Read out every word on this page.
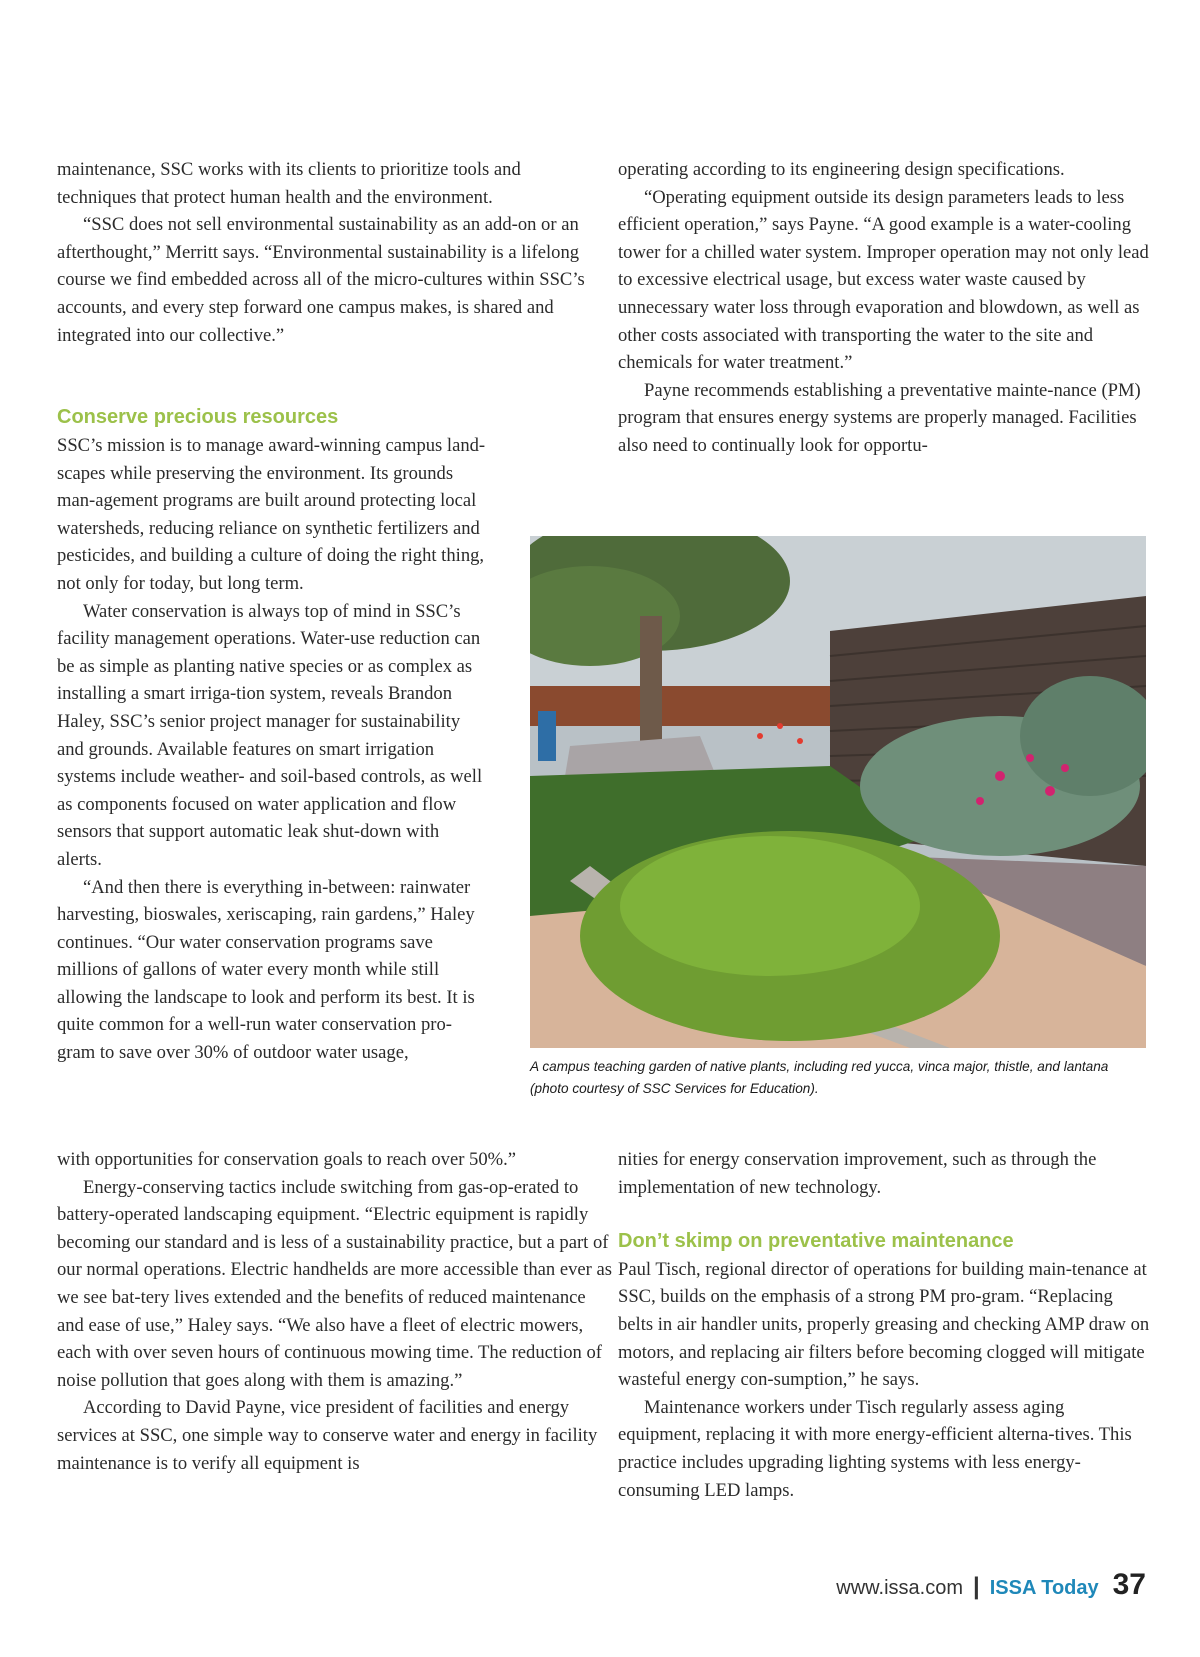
maintenance, SSC works with its clients to prioritize tools and techniques that protect human health and the environment.

“SSC does not sell environmental sustainability as an add-on or an afterthought,” Merritt says. “Environmental sustainability is a lifelong course we find embedded across all of the micro-cultures within SSC’s accounts, and every step forward one campus makes, is shared and integrated into our collective.”

Conserve precious resources

SSC’s mission is to manage award-winning campus land-scapes while preserving the environment. Its grounds man-agement programs are built around protecting local watersheds, reducing reliance on synthetic fertilizers and pesticides, and building a culture of doing the right thing, not only for today, but long term.

Water conservation is always top of mind in SSC’s facility management operations. Water-use reduction can be as simple as planting native species or as complex as installing a smart irriga-tion system, reveals Brandon Haley, SSC’s senior project manager for sustainability and grounds. Available features on smart irrigation systems include weather- and soil-based controls, as well as components focused on water application and flow sensors that support automatic leak shut-down with alerts.

“And then there is everything in-between: rainwater harvesting, bioswales, xeriscaping, rain gardens,” Haley continues. “Our water conservation programs save millions of gallons of water every month while still allowing the landscape to look and perform its best. It is quite common for a well-run water conservation pro-gram to save over 30% of outdoor water usage,

with opportunities for conservation goals to reach over 50%.”

Energy-conserving tactics include switching from gas-op-erated to battery-operated landscaping equipment. “Electric equipment is rapidly becoming our standard and is less of a sustainability practice, but a part of our normal operations. Electric handhelds are more accessible than ever as we see bat-tery lives extended and the benefits of reduced maintenance and ease of use,” Haley says. “We also have a fleet of electric mowers, each with over seven hours of continuous mowing time. The reduction of noise pollution that goes along with them is amazing.”

According to David Payne, vice president of facilities and energy services at SSC, one simple way to conserve water and energy in facility maintenance is to verify all equipment is

operating according to its engineering design specifications.

“Operating equipment outside its design parameters leads to less efficient operation,” says Payne. “A good example is a water-cooling tower for a chilled water system. Improper operation may not only lead to excessive electrical usage, but excess water waste caused by unnecessary water loss through evaporation and blowdown, as well as other costs associated with transporting the water to the site and chemicals for water treatment.”

Payne recommends establishing a preventative mainte-nance (PM) program that ensures energy systems are properly managed. Facilities also need to continually look for opportu-

A campus teaching garden of native plants, including red yucca, vinca major, thistle, and lantana (photo courtesy of SSC Services for Education).

nities for energy conservation improvement, such as through the implementation of new technology.

Don’t skimp on preventative maintenance

Paul Tisch, regional director of operations for building main-tenance at SSC, builds on the emphasis of a strong PM pro-gram. “Replacing belts in air handler units, properly greasing and checking AMP draw on motors, and replacing air filters before becoming clogged will mitigate wasteful energy con-sumption,” he says.

Maintenance workers under Tisch regularly assess aging equipment, replacing it with more energy-efficient alterna-tives. This practice includes upgrading lighting systems with less energy-consuming LED lamps.

www.issa.com | ISSA Today 37
